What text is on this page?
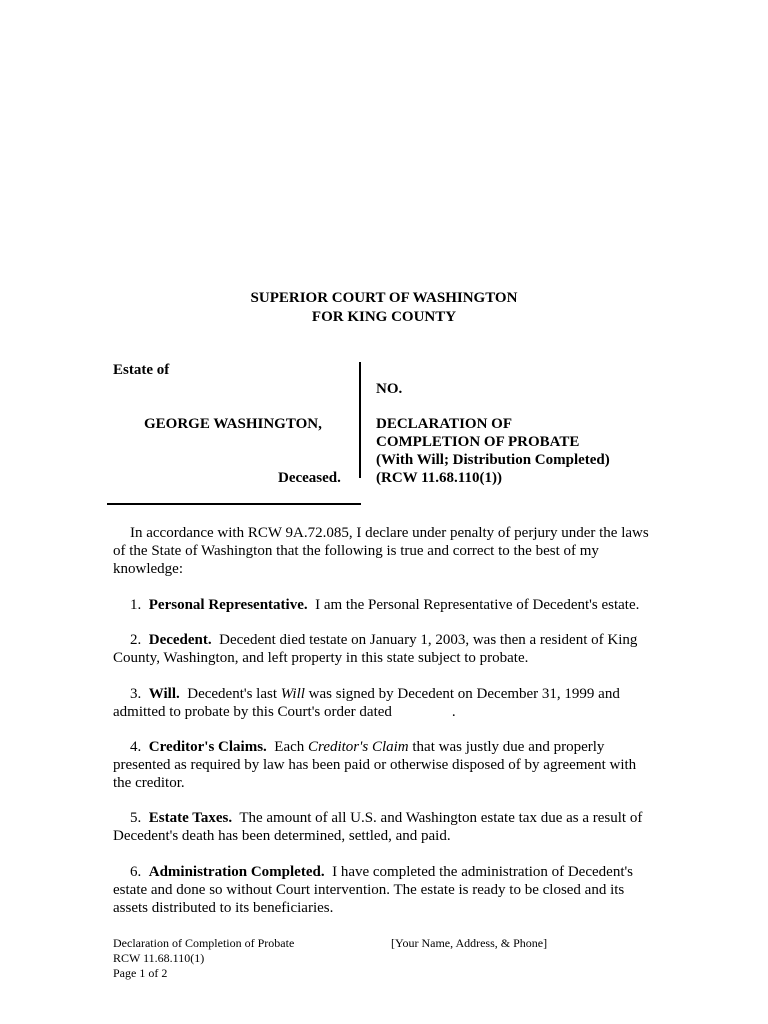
SUPERIOR COURT OF WASHINGTON
FOR KING COUNTY
Estate of
GEORGE WASHINGTON,
Deceased.
NO.
DECLARATION OF
COMPLETION OF PROBATE
(With Will; Distribution Completed)
(RCW 11.68.110(1))
In accordance with RCW 9A.72.085, I declare under penalty of perjury under the laws of the State of Washington that the following is true and correct to the best of my knowledge:
1. Personal Representative. I am the Personal Representative of Decedent's estate.
2. Decedent. Decedent died testate on January 1, 2003, was then a resident of King County, Washington, and left property in this state subject to probate.
3. Will. Decedent's last Will was signed by Decedent on December 31, 1999 and admitted to probate by this Court's order dated	.
4. Creditor's Claims. Each Creditor's Claim that was justly due and properly presented as required by law has been paid or otherwise disposed of by agreement with the creditor.
5. Estate Taxes. The amount of all U.S. and Washington estate tax due as a result of Decedent's death has been determined, settled, and paid.
6. Administration Completed. I have completed the administration of Decedent's estate and done so without Court intervention. The estate is ready to be closed and its assets distributed to its beneficiaries.
Declaration of Completion of Probate
RCW 11.68.110(1)
Page 1 of 2
[Your Name, Address, & Phone]
